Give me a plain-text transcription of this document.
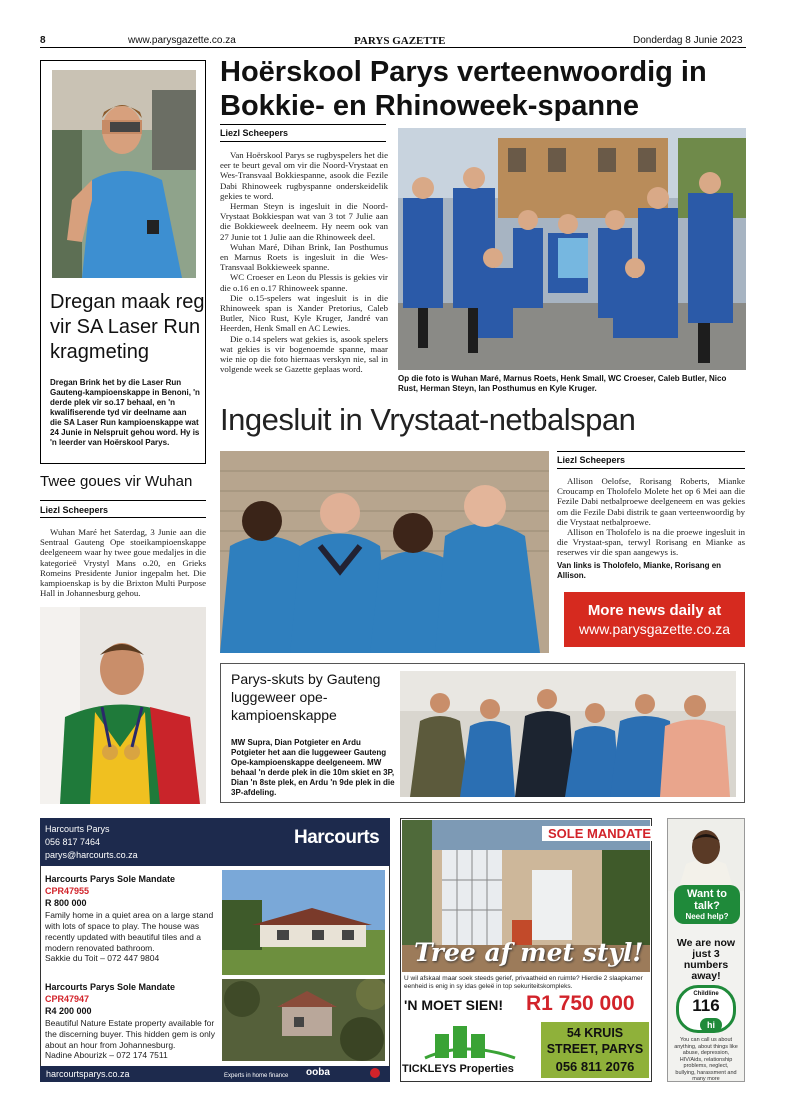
8	www.parysgazette.co.za	PARYS GAZETTE	Donderdag 8 Junie 2023
Dregan maak reg vir SA Laser Run kragmeting
Dregan Brink het by die Laser Run Gauteng-kampioenskappe in Benoni, 'n derde plek vir so.17 behaal, en 'n kwalifiserende tyd vir deelname aan die SA Laser Run kampioenskappe wat 24 Junie in Nelspruit gehou word. Hy is 'n leerder van Hoërskool Parys.
Twee goues vir Wuhan
Liezl Scheepers
Wuhan Maré het Saterdag, 3 Junie aan die Sentraal Gauteng Ope stoeikampioenskappe deelgeneem waar hy twee goue medaljes in die kategorieë Vrystyl Mans o.20, en Grieks Romeins Presidente Junior ingepalm het. Die kampioenskap is by die Brixton Multi Purpose Hall in Johannesburg gehou.
Hoërskool Parys verteenwoordig in Bokkie- en Rhinoweek-spanne
Liezl Scheepers

Van Hoërskool Parys se rugbyspelers het die eer te beurt geval om vir die Noord-Vrystaat en Wes-Transvaal Bokkiespanne, asook die Fezile Dabi Rhinoweek rugbyspanne onderskeidelik gekies te word.

Herman Steyn is ingesluit in die Noord-Vrystaat Bokkiespan wat van 3 tot 7 Julie aan die Bokkieweek deelneem. Hy neem ook van 27 Junie tot 1 Julie aan die Rhinoweek deel.

Wuhan Maré, Dihan Brink, Ian Posthumus en Marnus Roets is ingesluit in die Wes-Transvaal Bokkieweek spanne.

WC Croeser en Leon du Plessis is gekies vir die o.16 en o.17 Rhinoweek spanne.

Die o.15-spelers wat ingesluit is in die Rhinoweek span is Xander Pretorius, Caleb Butler, Nico Rust, Kyle Kruger, Jandré van Heerden, Henk Small en AC Lewies.

Die o.14 spelers wat gekies is, asook spelers wat gekies is vir bogenoemde spanne, maar wie nie op die foto hiernaas verskyn nie, sal in volgende week se Gazette geplaas word.

Op die foto is Wuhan Maré, Marnus Roets, Henk Small, WC Croeser, Caleb Butler, Nico Rust, Herman Steyn, Ian Posthumus en Kyle Kruger.
Ingesluit in Vrystaat-netbalspan
Liezl Scheepers

Allison Oelofse, Rorisang Roberts, Mianke Croucamp en Tholofelo Molete het op 6 Mei aan die Fezile Dabi netbalproewe deelgeneem en was gekies om die Fezile Dabi distrik te gaan verteenwoordig by die Vrystaat netbalproewe.

Allison en Tholofelo is na die proewe ingesluit in die Vrystaat-span, terwyl Rorisang en Mianke as reserwes vir die span aangewys is.

Van links is Tholofelo, Mianke, Rorisang en Allison.
More news daily at
www.parysgazette.co.za
Parys-skuts by Gauteng luggeweer ope-kampioenskappe
MW Supra, Dian Potgieter en Ardu Potgieter het aan die luggeweer Gauteng Ope-kampioenskappe deelgeneem. MW behaal 'n derde plek in die 10m skiet en 3P, Dian 'n 8ste plek, en Ardu 'n 9de plek in die 3P-afdeling.
Harcourts Parys
056 817 7464
parys@harcourts.co.za
Harcourts
Harcourts Parys Sole Mandate
CPR47955
R 800 000
Family home in a quiet area on a large stand with lots of space to play. The house was recently updated with beautiful tiles and a modern renovated bathroom.
Sakkie du Toit – 072 447 9804
Harcourts Parys Sole Mandate
CPR47947
R4 200 000
Beautiful Nature Estate property available for the discerning buyer. This hidden gem is only about an hour from Johannesburg.
Nadine Abourizk – 072 174 7511
harcourtsparys.co.za	Experts in home finance ooba
SOLE MANDATE
Tree af met styl!
U wil afskaal maar soek steeds gerief, privaatheid en ruimte? Hierdie 2 slaapkamer eenheid is enig in sy idas geleë in top sekuriteitskompleks.
'N MOET SIEN! R1 750 000
TICKLEYS Properties
54 KRUIS STREET, PARYS
056 811 2076
Want to talk?
Need help?
We are now just 3 numbers away!
Childline
116
hi
You can call us about anything, about things like abuse, depression, HIV/Aids, relationship problems, neglect, bullying, harassment and many more
